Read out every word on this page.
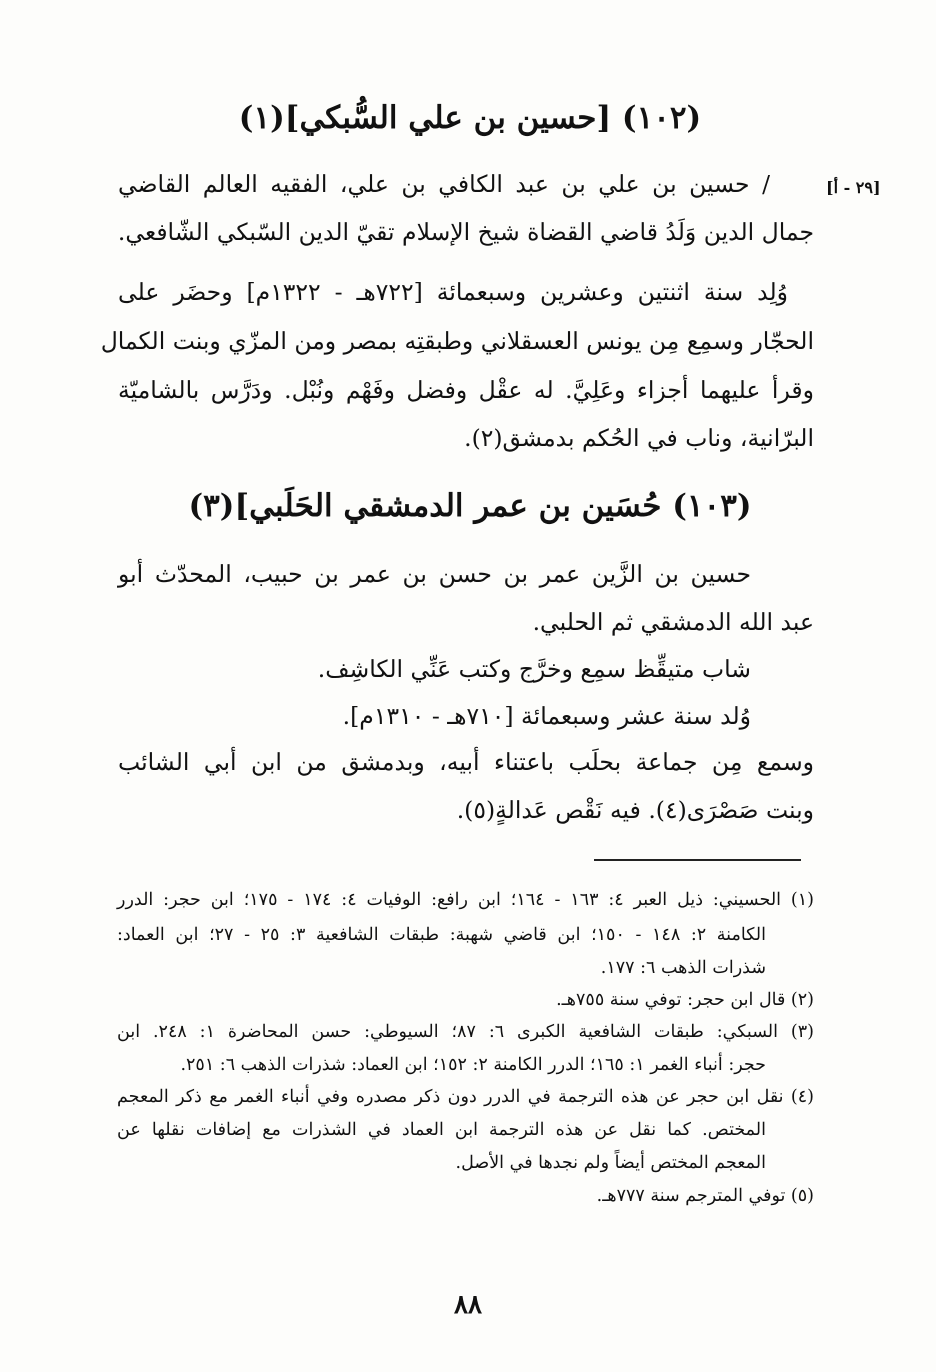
(١٠٢) [حسين بن علي السُّبكي](١)
[٢٩ - أ]
/ حسين بن علي بن عبد الكافي بن علي، الفقيه العالم القاضي
جمال الدين وَلَدُ قاضي القضاة شيخ الإسلام تقيّ الدين السّبكي الشّافعي.
وُلِد سنة اثنتين وعشرين وسبعمائة [٧٢٢هـ - ١٣٢٢م] وحضَر على
الحجّار وسمِع مِن يونس العسقلاني وطبقتِه بمصر ومن المزّي وبنت الكمال
وقرأ عليهما أجزاء وعَلِيَّ. له عقْل وفضل وفَهْم ونُبْل. ودَرَّس بالشاميّة
البرّانية، وناب في الحُكم بدمشق(٢).
(١٠٣) حُسَين بن عمر الدمشقي الحَلَبي](٣)
حسين بن الزَّين عمر بن حسن بن عمر بن حبيب، المحدّث أبو
عبد الله الدمشقي ثم الحلبي.
شاب متيقِّظ سمِع وخرَّج وكتب عَنِّي الكاشِف.
وُلد سنة عشر وسبعمائة [٧١٠هـ - ١٣١٠م].
وسمع مِن جماعة بحلَب باعتناء أبيه، وبدمشق من ابن أبي الشائب
وبنت صَصْرَى(٤). فيه نَقْص عَدالةٍ(٥).
(١) الحسيني: ذيل العبر ٤: ١٦٣ - ١٦٤؛ ابن رافع: الوفيات ٤: ١٧٤ - ١٧٥؛ ابن حجر: الدرر
الكامنة ٢: ١٤٨ - ١٥٠؛ ابن قاضي شهبة: طبقات الشافعية ٣: ٢٥ - ٢٧؛ ابن العماد:
شذرات الذهب ٦: ١٧٧.
(٢) قال ابن حجر: توفي سنة ٧٥٥هـ.
(٣) السبكي: طبقات الشافعية الكبرى ٦: ٨٧؛ السيوطي: حسن المحاضرة ١: ٢٤٨. ابن
حجر: أنباء الغمر ١: ١٦٥؛ الدرر الكامنة ٢: ١٥٢؛ ابن العماد: شذرات الذهب ٦: ٢٥١.
(٤) نقل ابن حجر عن هذه الترجمة في الدرر دون ذكر مصدره وفي أنباء الغمر مع ذكر المعجم
المختص. كما نقل عن هذه الترجمة ابن العماد في الشذرات مع إضافات نقلها عن
المعجم المختص أيضاً ولم نجدها في الأصل.
(٥) توفي المترجم سنة ٧٧٧هـ.
٨٨
